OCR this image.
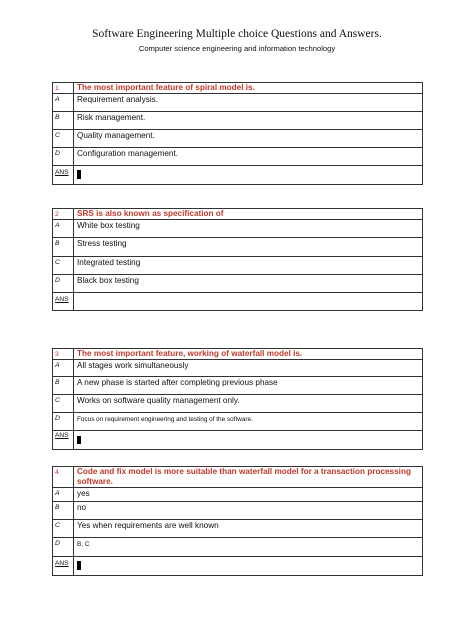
Software Engineering Multiple choice Questions and Answers.
Computer science engineering and information technology
1	The most important feature of spiral model is.
A	Requirement analysis.
B	Risk management.
C	Quality management.
D	Configuration management.
ANS	
2	SRS is also known as specification of
A	White box testing
B	Stress testing
C	Integrated testing
D	Black box testing
ANS	
3	The most important feature, working of waterfall model is.
A	All stages work simultaneously
B	A new phase is started after completing previous phase
C	Works on software quality management only.
D	Focus on requirement engineering and testing of the software.
ANS	
4	Code and fix model is more suitable than waterfall model for a transaction processing software.
A	yes
B	no
C	Yes when requirements are well known
D	B, C
ANS	
